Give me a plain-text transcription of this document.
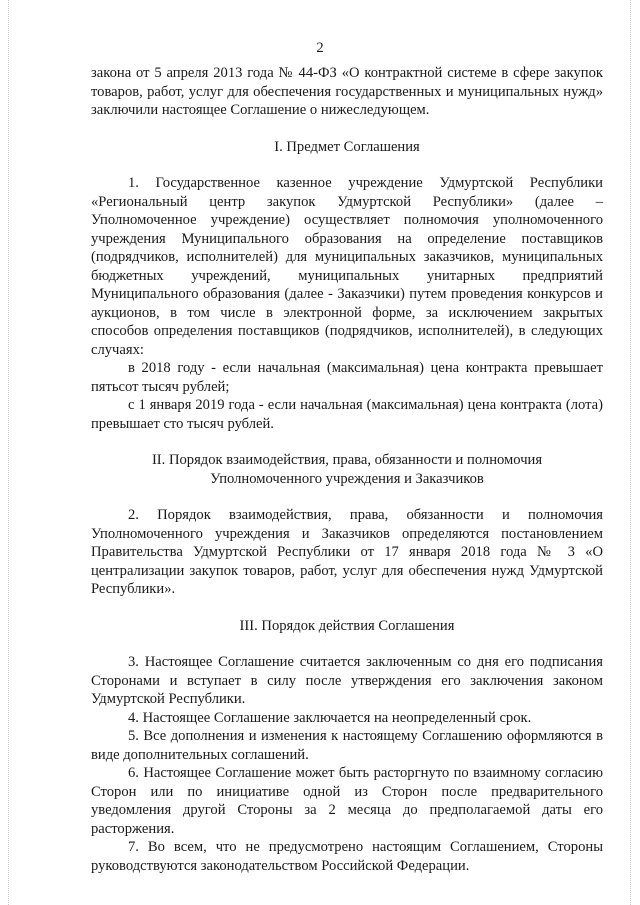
2

закона от 5 апреля 2013 года № 44-ФЗ «О контрактной системе в сфере закупок товаров, работ, услуг для обеспечения государственных и муниципальных нужд» заключили настоящее Соглашение о нижеследующем.

I. Предмет Соглашения

1. Государственное казенное учреждение Удмуртской Республики «Региональный центр закупок Удмуртской Республики» (далее – Уполномоченное учреждение) осуществляет полномочия уполномоченного учреждения Муниципального образования на определение поставщиков (подрядчиков, исполнителей) для муниципальных заказчиков, муниципальных бюджетных учреждений, муниципальных унитарных предприятий Муниципального образования (далее - Заказчики) путем проведения конкурсов и аукционов, в том числе в электронной форме, за исключением закрытых способов определения поставщиков (подрядчиков, исполнителей), в следующих случаях:

в 2018 году - если начальная (максимальная) цена контракта превышает пятьсот тысяч рублей;

с 1 января 2019 года - если начальная (максимальная) цена контракта (лота) превышает сто тысяч рублей.

II. Порядок взаимодействия, права, обязанности и полномочия

Уполномоченного учреждения и Заказчиков

2. Порядок взаимодействия, права, обязанности и полномочия Уполномоченного учреждения и Заказчиков определяются постановлением Правительства Удмуртской Республики от 17 января 2018 года № 3 «О централизации закупок товаров, работ, услуг для обеспечения нужд Удмуртской Республики».

III. Порядок действия Соглашения

3. Настоящее Соглашение считается заключенным со дня его подписания Сторонами и вступает в силу после утверждения его заключения законом Удмуртской Республики.

4. Настоящее Соглашение заключается на неопределенный срок.

5. Все дополнения и изменения к настоящему Соглашению оформляются в виде дополнительных соглашений.

6. Настоящее Соглашение может быть расторгнуто по взаимному согласию Сторон или по инициативе одной из Сторон после предварительного уведомления другой Стороны за 2 месяца до предполагаемой даты его расторжения.

7. Во всем, что не предусмотрено настоящим Соглашением, Стороны руководствуются законодательством Российской Федерации.
